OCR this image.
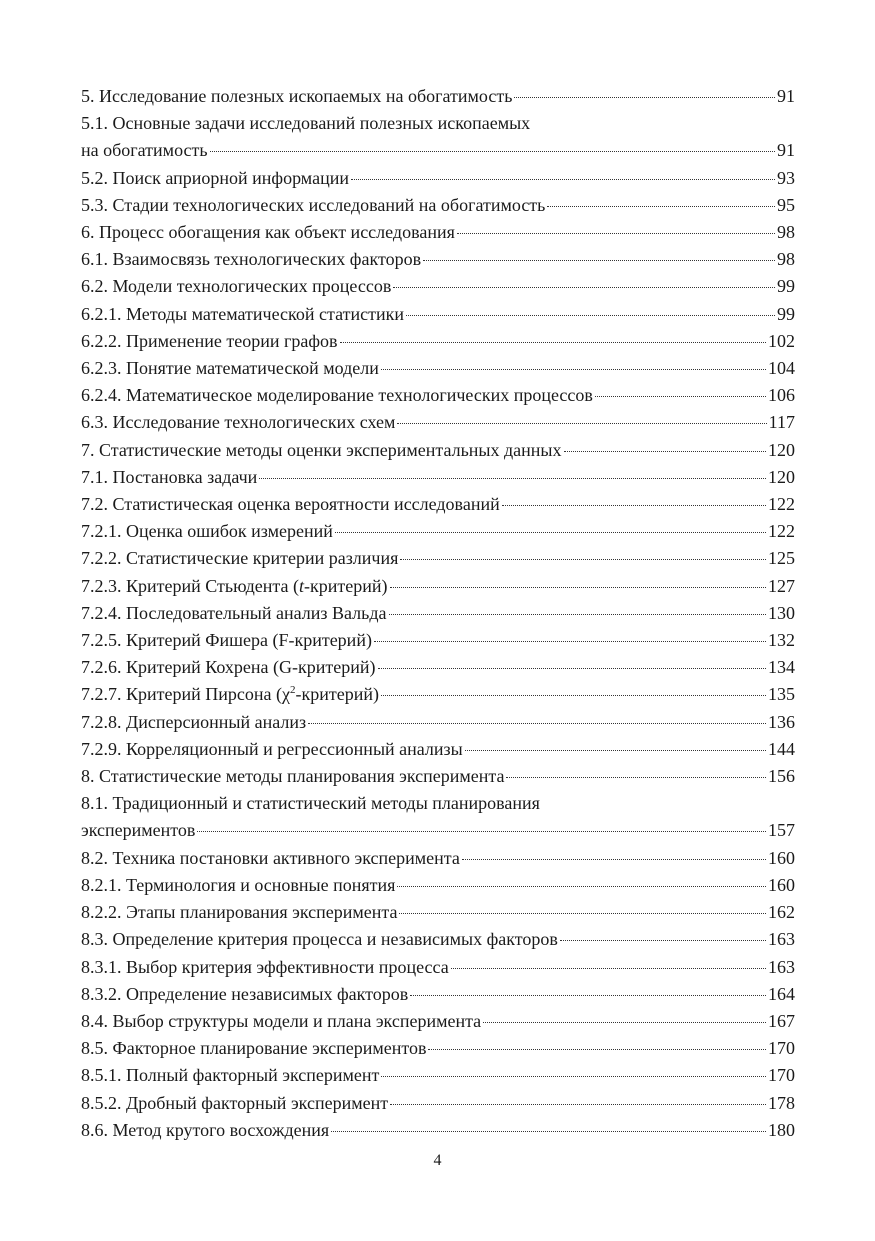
5. Исследование полезных ископаемых на обогатимость	91
5.1. Основные задачи исследований полезных ископаемых
на обогатимость	91
5.2. Поиск априорной информации	93
5.3. Стадии технологических исследований на обогатимость	95
6. Процесс обогащения как объект исследования	98
6.1. Взаимосвязь технологических факторов	98
6.2. Модели технологических процессов	99
6.2.1. Методы математической статистики	99
6.2.2. Применение теории графов	102
6.2.3. Понятие математической модели	104
6.2.4. Математическое моделирование технологических процессов	106
6.3. Исследование технологических схем	117
7. Статистические методы оценки экспериментальных данных	120
7.1. Постановка задачи	120
7.2. Статистическая оценка вероятности исследований	122
7.2.1. Оценка ошибок измерений	122
7.2.2. Статистические критерии различия	125
7.2.3. Критерий Стьюдента (t-критерий)	127
7.2.4. Последовательный анализ Вальда	130
7.2.5. Критерий Фишера (F-критерий)	132
7.2.6. Критерий Кохрена (G-критерий)	134
7.2.7. Критерий Пирсона $(\chi^2-критерий)$	135
7.2.8. Дисперсионный анализ	136
7.2.9. Корреляционный и регрессионный анализы	144
8. Статистические методы планирования эксперимента	156
8.1. Традиционный и статистический методы планирования
экспериментов	157
8.2. Техника постановки активного эксперимента	160
8.2.1. Терминология и основные понятия	160
8.2.2. Этапы планирования эксперимента	162
8.3. Определение критерия процесса и независимых факторов	163
8.3.1. Выбор критерия эффективности процесса	163
8.3.2. Определение независимых факторов	164
8.4. Выбор структуры модели и плана эксперимента	167
8.5. Факторное планирование экспериментов	170
8.5.1. Полный факторный эксперимент	170
8.5.2. Дробный факторный эксперимент	178
8.6. Метод крутого восхождения	180
4
